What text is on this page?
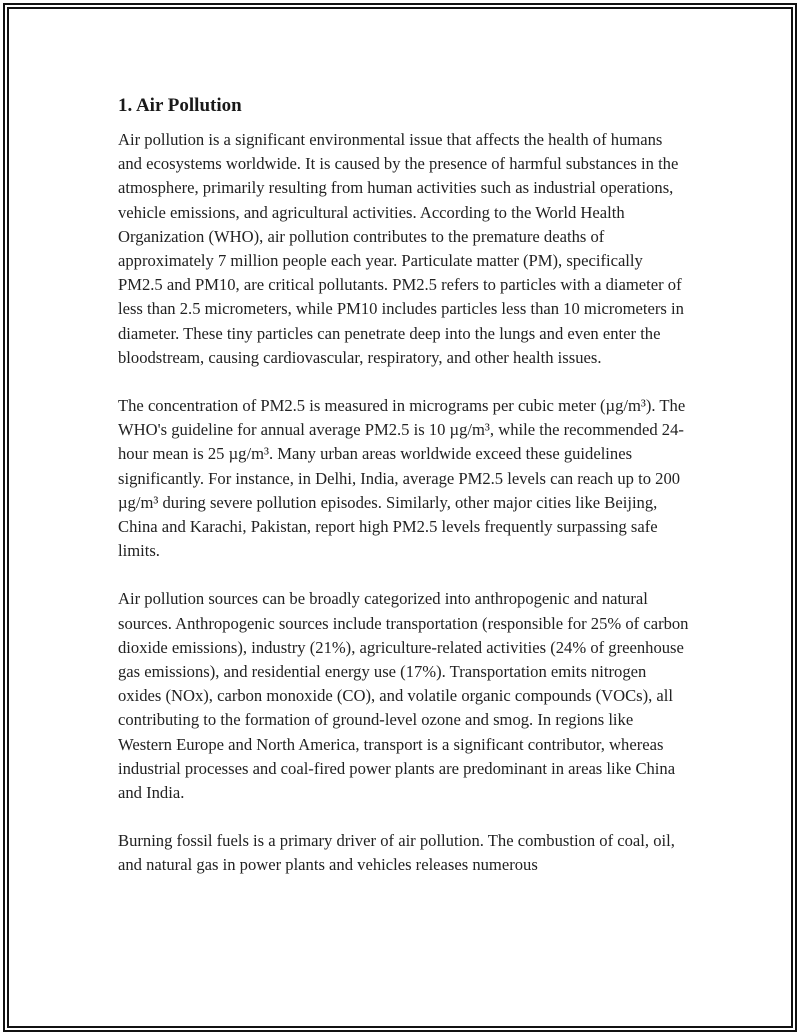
1. Air Pollution

Air pollution is a significant environmental issue that affects the health of humans and ecosystems worldwide. It is caused by the presence of harmful substances in the atmosphere, primarily resulting from human activities such as industrial operations, vehicle emissions, and agricultural activities. According to the World Health Organization (WHO), air pollution contributes to the premature deaths of approximately 7 million people each year. Particulate matter (PM), specifically PM2.5 and PM10, are critical pollutants. PM2.5 refers to particles with a diameter of less than 2.5 micrometers, while PM10 includes particles less than 10 micrometers in diameter. These tiny particles can penetrate deep into the lungs and even enter the bloodstream, causing cardiovascular, respiratory, and other health issues.

The concentration of PM2.5 is measured in micrograms per cubic meter (µg/m³). The WHO's guideline for annual average PM2.5 is 10 µg/m³, while the recommended 24-hour mean is 25 µg/m³. Many urban areas worldwide exceed these guidelines significantly. For instance, in Delhi, India, average PM2.5 levels can reach up to 200 µg/m³ during severe pollution episodes. Similarly, other major cities like Beijing, China and Karachi, Pakistan, report high PM2.5 levels frequently surpassing safe limits.

Air pollution sources can be broadly categorized into anthropogenic and natural sources. Anthropogenic sources include transportation (responsible for 25% of carbon dioxide emissions), industry (21%), agriculture-related activities (24% of greenhouse gas emissions), and residential energy use (17%). Transportation emits nitrogen oxides (NOx), carbon monoxide (CO), and volatile organic compounds (VOCs), all contributing to the formation of ground-level ozone and smog. In regions like Western Europe and North America, transport is a significant contributor, whereas industrial processes and coal-fired power plants are predominant in areas like China and India.

Burning fossil fuels is a primary driver of air pollution. The combustion of coal, oil, and natural gas in power plants and vehicles releases numerous
